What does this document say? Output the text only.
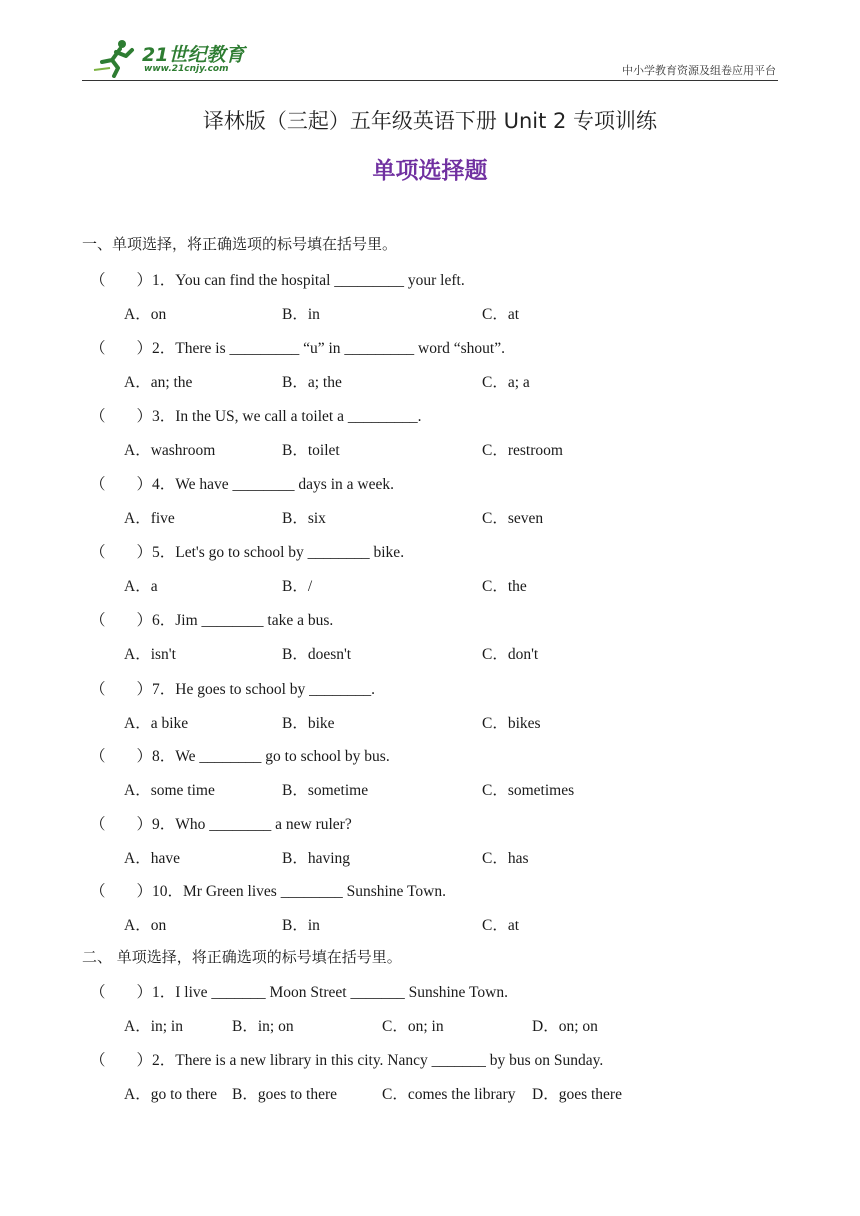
21世纪教育
www.21cnjy.com	中小学教育资源及组卷应用平台
译林版（三起）五年级英语下册 Unit 2 专项训练
单项选择题
一、单项选择，将正确选项的标号填在括号里。
（　　） 1．You can find the hospital _________ your left.
A．on	B．in	C．at
（　　） 2．There is _________ “u” in _________ word “shout”.
A．an; the	B．a; the	C．a; a
（　　） 3．In the US, we call a toilet a _________.
A．washroom	B．toilet	C．restroom
（　　） 4．We have ________ days in a week.
A．five	B．six	C．seven
（　　） 5．Let's go to school by ________ bike.
A．a	B．/	C．the
（　　） 6．Jim ________ take a bus.
A．isn't	B．doesn't	C．don't
（　　） 7．He goes to school by ________.
A．a bike	B．bike	C．bikes
（　　） 8．We ________ go to school by bus.
A．some time	B．sometime	C．sometimes
（　　） 9．Who ________ a new ruler?
A．have	B．having	C．has
（　　） 10．Mr Green lives ________ Sunshine Town.
A．on	B．in	C．at
二、 单项选择，将正确选项的标号填在括号里。
（　　） 1．I live _______ Moon Street _______ Sunshine Town.
A．in; in	B．in; on	C．on; in	D．on; on
（　　） 2．There is a new library in this city. Nancy _______ by bus on Sunday.
A．go to there B．goes to there	C．comes the library D．goes there
